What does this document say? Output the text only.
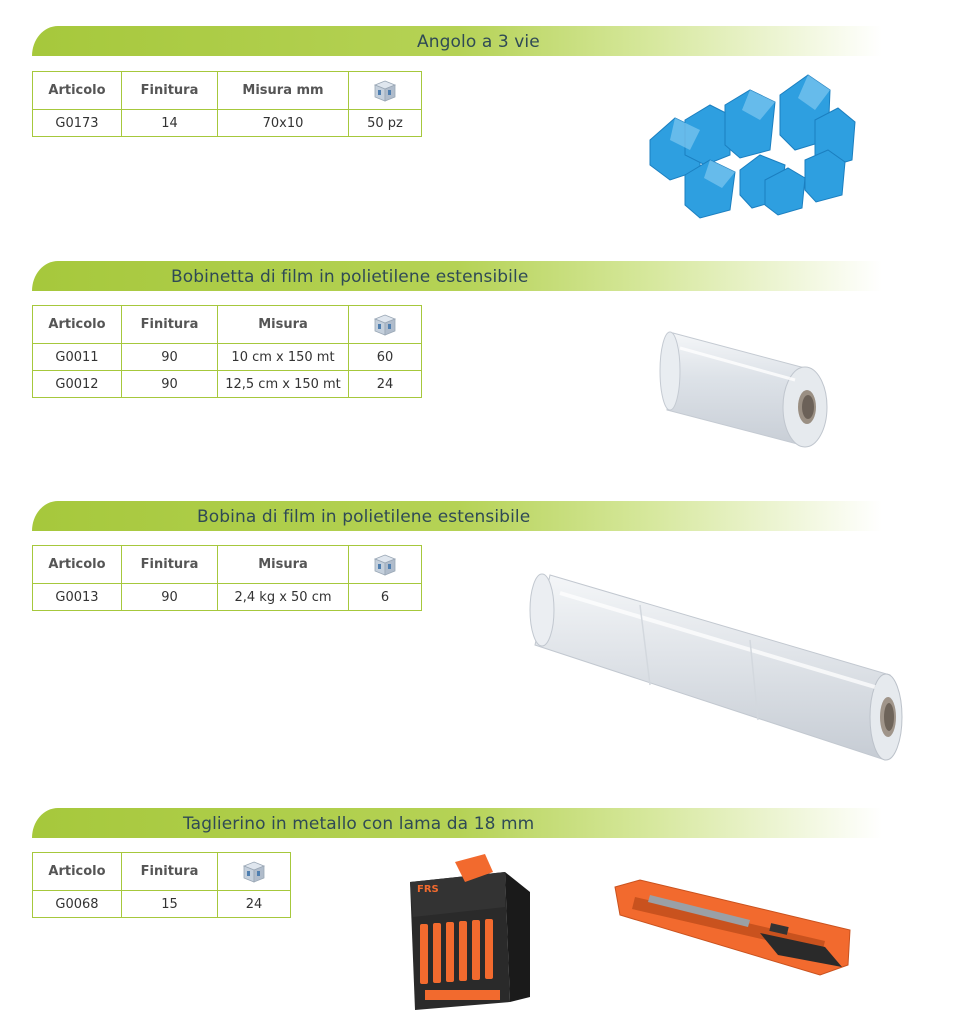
Angolo a 3 vie
Articolo	Finitura	Misura mm	
G0173	14	70x10	50 pz
Bobinetta di film in polietilene estensibile
Articolo	Finitura	Misura	
G0011	90	10 cm x 150 mt	60
G0012	90	12,5 cm x 150 mt	24
Bobina di film in polietilene estensibile
Articolo	Finitura	Misura	
G0013	90	2,4 kg x 50 cm	6
Taglierino in metallo con lama da 18 mm
Articolo	Finitura	
G0068	15	24
FRS
